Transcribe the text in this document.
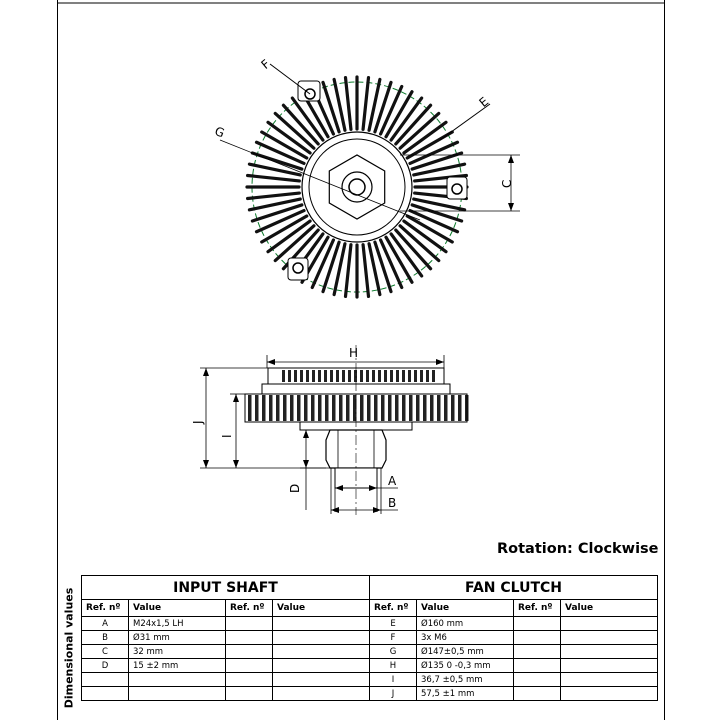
F
E
G
C
H
J
I
D
A
B
Rotation: Clockwise
Dimensional values	INPUT SHAFT				FAN CLUTCH			
Ref. nº	Value	Ref. nº	Value	Ref. nº	Value	Ref. nº	Value
A	M24x1,5 LH			E	Ø160 mm		
B	Ø31 mm			F	3x M6		
C	32 mm			G	Ø147±0,5 mm		
D	15 ±2 mm			H	Ø135 0 -0,3 mm		
				I	36,7 ±0,5 mm		
				J	57,5 ±1 mm		
